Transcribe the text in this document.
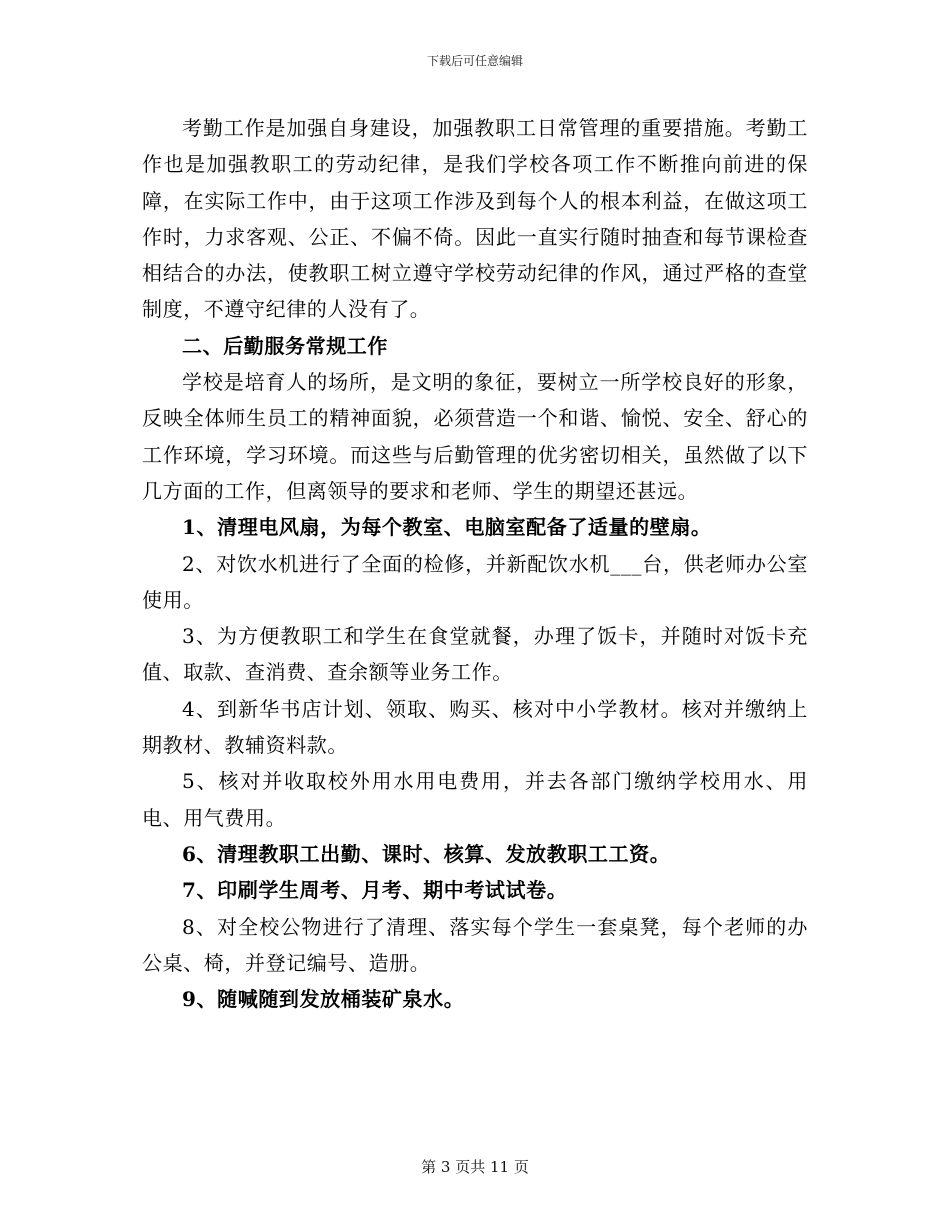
下载后可任意编辑

考勤工作是加强自身建设，加强教职工日常管理的重要措施。考勤工作也是加强教职工的劳动纪律，是我们学校各项工作不断推向前进的保障，在实际工作中，由于这项工作涉及到每个人的根本利益，在做这项工作时，力求客观、公正、不偏不倚。因此一直实行随时抽查和每节课检查相结合的办法，使教职工树立遵守学校劳动纪律的作风，通过严格的查堂制度，不遵守纪律的人没有了。

二、后勤服务常规工作

学校是培育人的场所，是文明的象征，要树立一所学校良好的形象，反映全体师生员工的精神面貌，必须营造一个和谐、愉悦、安全、舒心的工作环境，学习环境。而这些与后勤管理的优劣密切相关，虽然做了以下几方面的工作，但离领导的要求和老师、学生的期望还甚远。

1、清理电风扇，为每个教室、电脑室配备了适量的壁扇。

2、对饮水机进行了全面的检修，并新配饮水机___台，供老师办公室使用。

3、为方便教职工和学生在食堂就餐，办理了饭卡，并随时对饭卡充值、取款、查消费、查余额等业务工作。

4、到新华书店计划、领取、购买、核对中小学教材。核对并缴纳上期教材、教辅资料款。

5、核对并收取校外用水用电费用，并去各部门缴纳学校用水、用电、用气费用。

6、清理教职工出勤、课时、核算、发放教职工工资。

7、印刷学生周考、月考、期中考试试卷。

8、对全校公物进行了清理、落实每个学生一套桌凳，每个老师的办公桌、椅，并登记编号、造册。

9、随喊随到发放桶装矿泉水。

第 3 页共 11 页
